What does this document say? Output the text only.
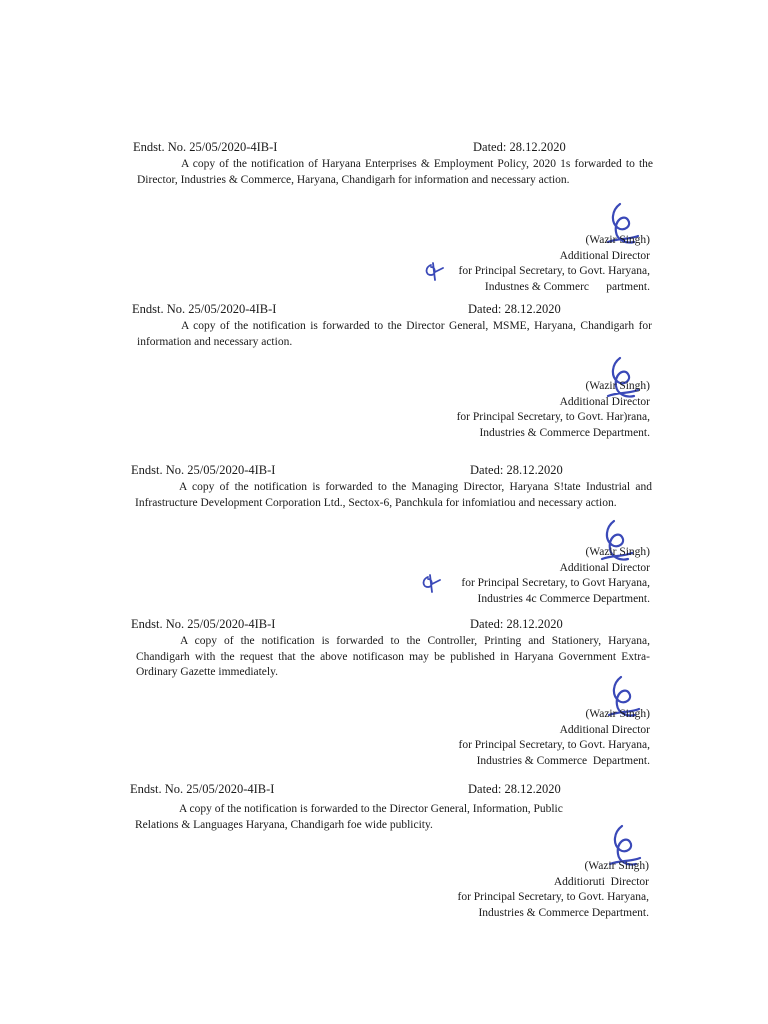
Endst. No. 25/05/2020-4IB-I	Dated: 28.12.2020

A copy of the notification of Haryana Enterprises & Employment Policy, 2020 1s forwarded to the Director, Industries & Commerce, Haryana, Chandigarh for information and necessary action.

(Wazir Singh)
Additional Director
for Principal Secretary, to Govt. Haryana,
Industnes & Commerc      partment.
Endst. No. 25/05/2020-4IB-I	Dated: 28.12.2020

A copy of the notification is forwarded to the Director General, MSME, Haryana, Chandigarh for information and necessary action.

(Wazir Singh)
Additional Director
for Principal Secretary, to Govt. Har)rana,
Industries & Commerce Department.
Endst. No. 25/05/2020-4IB-I	Dated: 28.12.2020

A copy of the notification is forwarded to the Managing Director, Haryana S!tate Industrial and Infrastructure Development Corporation Ltd., Sectox-6, Panchkula for infomiatiou and necessary action.

(Wazir Singh)
Additional Director
for Principal Secretary, to Govt Haryana,
Industries 4c Commerce Department.
Endst. No. 25/05/2020-4IB-I	Dated: 28.12.2020

A copy of the notification is forwarded to the Controller, Printing and Stationery, Haryana, Chandigarh with the request that the above notificason may be published in Haryana Government Extra-Ordinary Gazette immediately.

(Wazir Singh)
Additional Director
for Principal Secretary, to Govt. Haryana,
Industries & Commerce  Department.
Endst. No. 25/05/2020-4IB-I	Dated: 28.12.2020

A copy of the notification is forwarded to the Director General, Information, Public Relations & Languages Haryana, Chandigarh foe wide publicity.

(Wazir Singh)
Additioruti  Director
for Principal Secretary, to Govt. Haryana,
Industries & Commerce Department.
